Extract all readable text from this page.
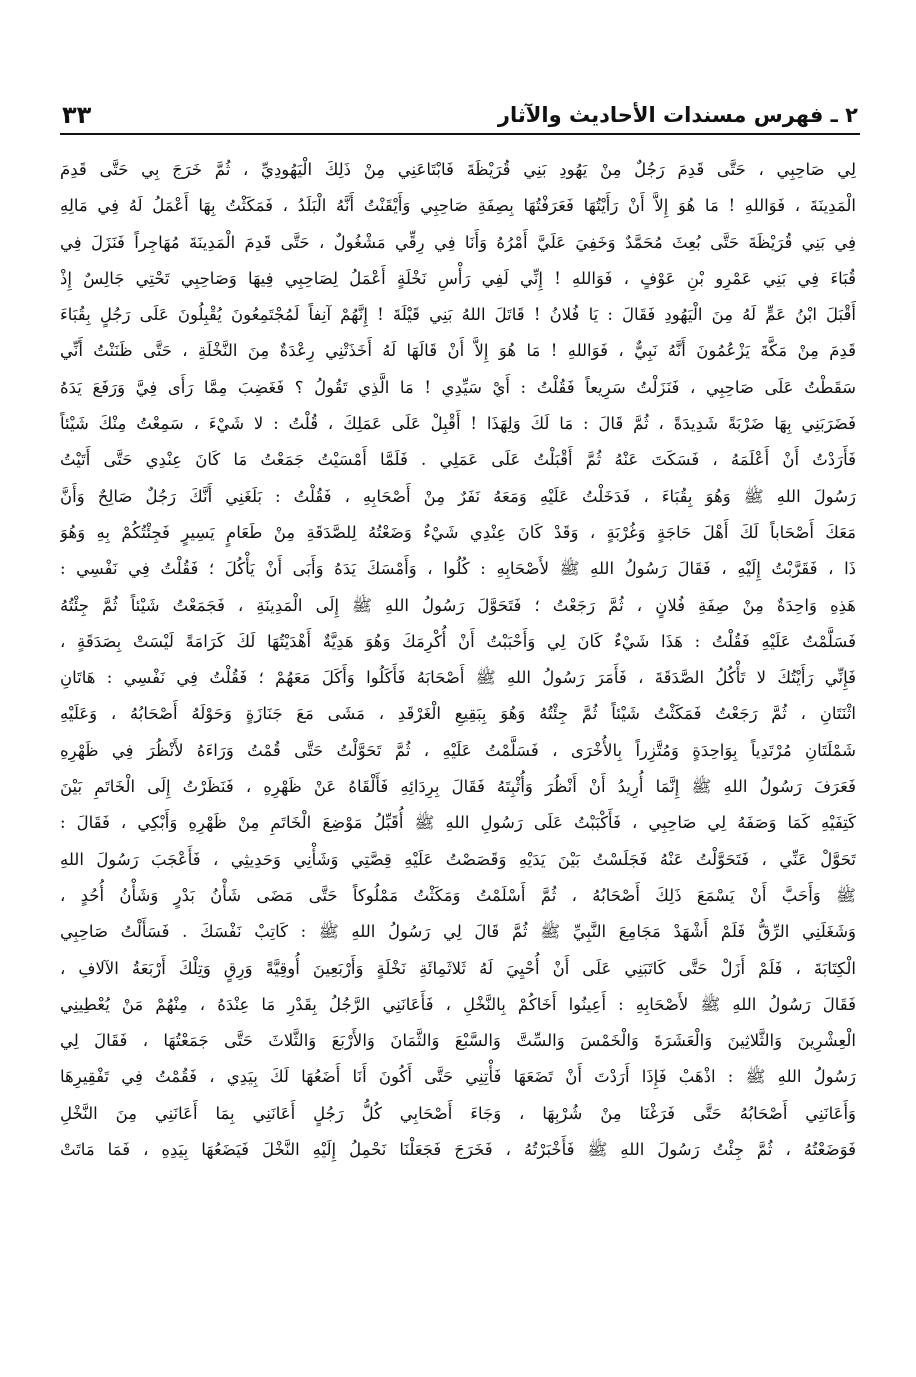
٢ ـ فهرس مسندات الأحاديث والآثار
٣٣
لِي صَاحِبِي ، حَتَّى قَدِمَ رَجُلٌ مِنْ يَهُودِ بَنِي قُرَيْظَةَ فَابْتَاعَنِي مِنْ ذَلِكَ الْيَهُودِيِّ ، ثُمَّ خَرَجَ بِي حَتَّى قَدِمَ
الْمَدِينَةَ ، فَوَاللهِ ! مَا هُوَ إِلاَّ أَنْ رَأَيْتُهَا فَعَرَفْتُهَا بِصِفَةِ صَاحِبِي وَأَيْقَنْتُ أَنَّهُ الْبَلَدُ ، فَمَكَثْتُ بِهَا أَعْمَلُ لَهُ فِي مَالِهِ
فِي بَنِي قُرَيْظَةَ حَتَّى بُعِثَ مُحَمَّدٌ وَخَفِيَ عَلَيَّ أَمْرُهُ وَأَنَا فِي رِقِّي مَشْغُولٌ ، حَتَّى قَدِمَ الْمَدِينَةَ مُهَاجِراً فَنَزَلَ فِي
قُبَاءَ فِي بَنِي عَمْرِو بْنِ عَوْفٍ ، فَوَاللهِ ! إِنِّي لَفِي رَأْسِ نَخْلَةٍ أَعْمَلُ لِصَاحِبِي فِيهَا وَصَاحِبِي تَحْتِي جَالِسٌ إِذْ
أَقْبَلَ ابْنُ عَمٍّ لَهُ مِنَ الْيَهُودِ فَقَالَ : يَا فُلانُ ! قَاتَلَ اللهُ بَنِي قَيْلَةَ ! إِنَّهُمْ آنِفاً لَمُجْتَمِعُونَ يُقْبِلُونَ عَلَى رَجُلٍ بِقُبَاءَ
قَدِمَ مِنْ مَكَّةَ يَزْعُمُونَ أَنَّهُ نَبِيٌّ ، فَوَاللهِ ! مَا هُوَ إِلاَّ أَنْ قَالَهَا لَهُ أَخَذَتْنِي رِعْدَةٌ مِنَ النَّخْلَةِ ، حَتَّى ظَنَنْتُ أَنِّي
سَقَطْتُ عَلَى صَاحِبِي ، فَنَزَلْتُ سَرِيعاً فَقُلْتُ : أَيْ سَيِّدِي ! مَا الَّذِي تَقُولُ ؟ فَغَضِبَ مِمَّا رَأَى فِيَّ وَرَفَعَ يَدَهُ
فَضَرَبَنِي بِهَا ضَرْبَةً شَدِيدَةً ، ثُمَّ قَالَ : مَا لَكَ وَلِهَذَا ! أَقْبِلْ عَلَى عَمَلِكَ ، قُلْتُ : لا شَيْءَ ، سَمِعْتُ مِنْكَ شَيْئاً
فَأَرَدْتُ أَنْ أَعْلَمَهُ ، فَسَكَتَ عَنْهُ ثُمَّ أَقْبَلْتُ عَلَى عَمَلِي . فَلَمَّا أَمْسَيْتُ جَمَعْتُ مَا كَانَ عِنْدِي حَتَّى أَتَيْتُ
رَسُولَ اللهِ ﷺ وَهُوَ بِقُبَاءَ ، فَدَخَلْتُ عَلَيْهِ وَمَعَهُ نَفَرٌ مِنْ أَصْحَابِهِ ، فَقُلْتُ : بَلَغَنِي أَنَّكَ رَجُلٌ صَالِحٌ وَأَنَّ
مَعَكَ أَصْحَاباً لَكَ أَهْلَ حَاجَةٍ وَغُرْبَةٍ ، وَقَدْ كَانَ عِنْدِي شَيْءٌ وَضَعْتُهُ لِلصَّدَقَةِ مِنْ طَعَامٍ يَسِيرٍ فَجِئْتُكُمْ بِهِ وَهُوَ
ذَا ، فَقَرَّبْتُ إِلَيْهِ ، فَقَالَ رَسُولُ اللهِ ﷺ لأَصْحَابِهِ : كُلُوا ، وَأَمْسَكَ يَدَهُ وَأَبَى أَنْ يَأْكُلَ ؛ فَقُلْتُ فِي نَفْسِي :
هَذِهِ وَاحِدَةٌ مِنْ صِفَةِ فُلانٍ ، ثُمَّ رَجَعْتُ ؛ فَتَحَوَّلَ رَسُولُ اللهِ ﷺ إِلَى الْمَدِينَةِ ، فَجَمَعْتُ شَيْئاً ثُمَّ جِئْتُهُ
فَسَلَّمْتُ عَلَيْهِ فَقُلْتُ : هَذَا شَيْءٌ كَانَ لِي وَأَحْبَبْتُ أَنْ أُكْرِمَكَ وَهُوَ هَدِيَّةٌ أَهْدَيْتُهَا لَكَ كَرَامَةً لَيْسَتْ بِصَدَقَةٍ ،
فَإِنِّي رَأَيْتُكَ لا تَأْكُلُ الصَّدَقَةَ ، فَأَمَرَ رَسُولُ اللهِ ﷺ أَصْحَابَهُ فَأَكَلُوا وَأَكَلَ مَعَهُمْ ؛ فَقُلْتُ فِي نَفْسِي : هَاتَانِ
اثْنَتَانِ ، ثُمَّ رَجَعْتُ فَمَكَثْتُ شَيْئاً ثُمَّ جِئْتُهُ وَهُوَ بِبَقِيعِ الْغَرْقَدِ ، مَشَى مَعَ جَنَازَةٍ وَحَوْلَهُ أَصْحَابُهُ ، وَعَلَيْهِ
شَمْلَتَانِ مُرْتَدِياً بِوَاحِدَةٍ وَمُتَّزِراً بِالأُخْرَى ، فَسَلَّمْتُ عَلَيْهِ ، ثُمَّ تَحَوَّلْتُ حَتَّى قُمْتُ وَرَاءَهُ لأَنْظُرَ فِي ظَهْرِهِ
فَعَرَفَ رَسُولُ اللهِ ﷺ إِنَّمَا أُرِيدُ أَنْ أَنْظُرَ وَأُثْبِتَهُ فَقَالَ بِرِدَائِهِ فَأَلْقَاهُ عَنْ ظَهْرِهِ ، فَنَظَرْتُ إِلَى الْخَاتَمِ بَيْنَ
كَتِفَيْهِ كَمَا وَصَفَهُ لِي صَاحِبِي ، فَأَكْبَبْتُ عَلَى رَسُولِ اللهِ ﷺ أُقَبِّلُ مَوْضِعَ الْخَاتَمِ مِنْ ظَهْرِهِ وَأَبْكِي ، فَقَالَ :
تَحَوَّلْ عَنِّي ، فَتَحَوَّلْتُ عَنْهُ فَجَلَسْتُ بَيْنَ يَدَيْهِ وَقَصَصْتُ عَلَيْهِ قِصَّتِي وَشَأْنِي وَحَدِيثِي ، فَأَعْجَبَ رَسُولَ اللهِ
ﷺ وَأَحَبَّ أَنْ يَسْمَعَ ذَلِكَ أَصْحَابُهُ ، ثُمَّ أَسْلَمْتُ وَمَكَثْتُ مَمْلُوكاً حَتَّى مَضَى شَأْنُ بَدْرٍ وَشَأْنُ أُحُدٍ ،
وَشَغَلَنِي الرِّقُّ فَلَمْ أَشْهَدْ مَجَامِعَ النَّبِيِّ ﷺ ثُمَّ قَالَ لِي رَسُولُ اللهِ ﷺ : كَاتِبْ نَفْسَكَ . فَسَأَلْتُ صَاحِبِي
الْكِتَابَةَ ، فَلَمْ أَزَلْ حَتَّى كَاتَبَنِي عَلَى أَنْ أُحْيِيَ لَهُ ثَلاثَمِائَةِ نَخْلَةٍ وَأَرْبَعِينَ أُوقِيَّةً وَرِقٍ وَتِلْكَ أَرْبَعَةُ الآلافِ ،
فَقَالَ رَسُولُ اللهِ ﷺ لأَصْحَابِهِ : أَعِينُوا أَخَاكُمْ بِالنَّخْلِ ، فَأَعَانَنِي الرَّجُلُ بِقَدْرِ مَا عِنْدَهُ ، مِنْهُمْ مَنْ يُعْطِينِي
الْعِشْرِينَ وَالثَّلاثِينَ وَالْعَشَرَةَ وَالْخَمْسَ وَالسِّتَّ وَالسَّبْعَ وَالثَّمَانَ وَالأَرْبَعَ وَالثَّلاثَ حَتَّى جَمَعْتُهَا ، فَقَالَ لِي
رَسُولُ اللهِ ﷺ : اذْهَبْ فَإِذَا أَرَدْتَ أَنْ تَضَعَهَا فَأْتِنِي حَتَّى أَكُونَ أَنَا أَضَعُهَا لَكَ بِيَدِي ، فَقُمْتُ فِي تَفْقِيرِهَا
وَأَعَانَنِي أَصْحَابُهُ حَتَّى فَرَغْنَا مِنْ شُرْبِهَا ، وَجَاءَ أَصْحَابِي كُلُّ رَجُلٍ أَعَانَنِي بِمَا أَعَانَنِي مِنَ النَّخْلِ
فَوَضَعْتُهُ ، ثُمَّ جِئْتُ رَسُولَ اللهِ ﷺ فَأَخْبَرْتُهُ ، فَخَرَجَ فَجَعَلْنَا نَحْمِلُ إِلَيْهِ النَّخْلَ فَيَضَعُهَا بِيَدِهِ ، فَمَا مَاتَتْ
